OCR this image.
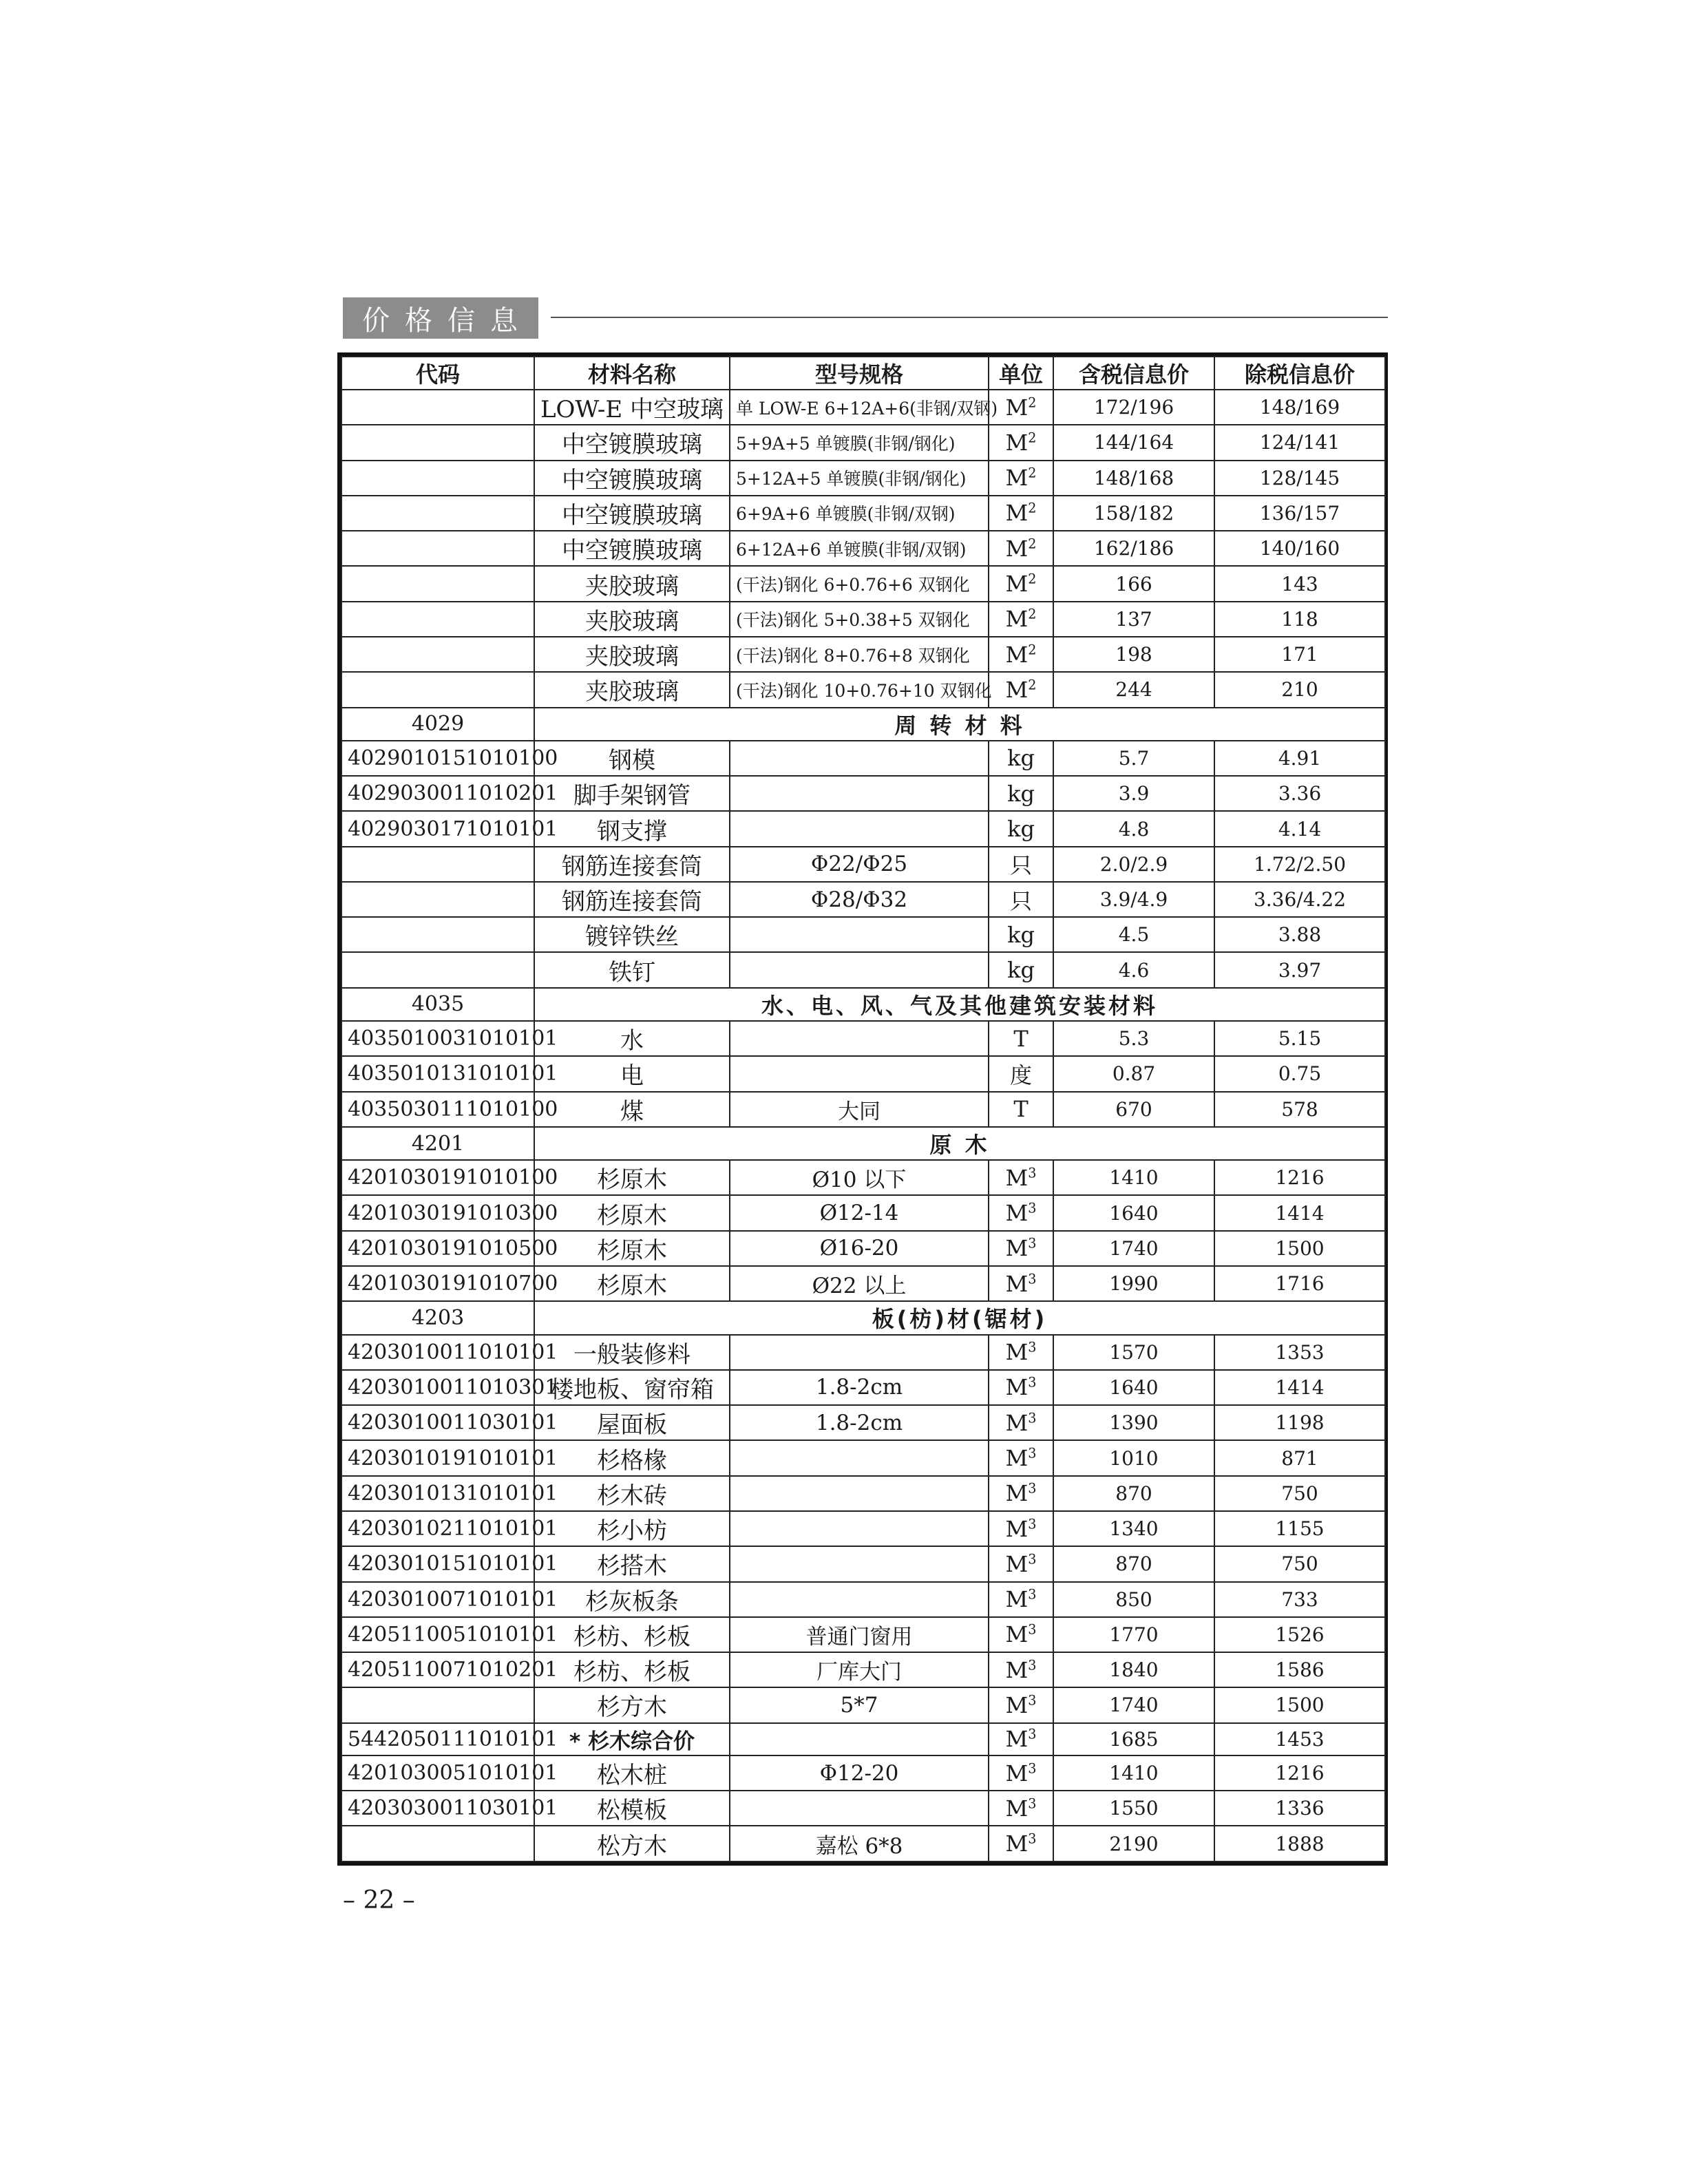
价格信息
代码	材料名称	型号规格	单位	含税信息价	除税信息价
	LOW-E 中空玻璃	单 LOW-E 6+12A+6(非钢/双钢)	$M^2$	172/196	148/169
	中空镀膜玻璃	5+9A+5 单镀膜(非钢/钢化)	$M^2$	144/164	124/141
	中空镀膜玻璃	5+12A+5 单镀膜(非钢/钢化)	$M^2$	148/168	128/145
	中空镀膜玻璃	6+9A+6 单镀膜(非钢/双钢)	$M^2$	158/182	136/157
	中空镀膜玻璃	6+12A+6 单镀膜(非钢/双钢)	$M^2$	162/186	140/160
	夹胶玻璃	(干法)钢化 6+0.76+6 双钢化	$M^2$	166	143
	夹胶玻璃	(干法)钢化 5+0.38+5 双钢化	$M^2$	137	118
	夹胶玻璃	(干法)钢化 8+0.76+8 双钢化	$M^2$	198	171
	夹胶玻璃	(干法)钢化 10+0.76+10 双钢化	$M^2$	244	210
4029	周 转 材 料				
4029010151010100	钢模		kg	5.7	4.91
4029030011010201	脚手架钢管		kg	3.9	3.36
4029030171010101	钢支撑		kg	4.8	4.14
	钢筋连接套筒	Φ22/Φ25	只	2.0/2.9	1.72/2.50
	钢筋连接套筒	Φ28/Φ32	只	3.9/4.9	3.36/4.22
	镀锌铁丝		kg	4.5	3.88
	铁钉		kg	4.6	3.97
4035	水、电、风、气及其他建筑安装材料				
4035010031010101	水		T	5.3	5.15
4035010131010101	电		度	0.87	0.75
4035030111010100	煤	大同	T	670	578
4201	原 木				
4201030191010100	杉原木	Ø10 以下	$M^3$	1410	1216
4201030191010300	杉原木	Ø12-14	$M^3$	1640	1414
4201030191010500	杉原木	Ø16-20	$M^3$	1740	1500
4201030191010700	杉原木	Ø22 以上	$M^3$	1990	1716
4203	板(枋)材(锯材)				
4203010011010101	一般装修料		$M^3$	1570	1353
4203010011010301	楼地板、窗帘箱	1.8-2cm	$M^3$	1640	1414
4203010011030101	屋面板	1.8-2cm	$M^3$	1390	1198
4203010191010101	杉格椽		$M^3$	1010	871
4203010131010101	杉木砖		$M^3$	870	750
4203010211010101	杉小枋		$M^3$	1340	1155
4203010151010101	杉搭木		$M^3$	870	750
4203010071010101	杉灰板条		$M^3$	850	733
4205110051010101	杉枋、杉板	普通门窗用	$M^3$	1770	1526
4205110071010201	杉枋、杉板	厂库大门	$M^3$	1840	1586
	杉方木	5*7	$M^3$	1740	1500
5442050111010101	* 杉木综合价		$M^3$	1685	1453
4201030051010101	松木桩	Φ12-20	$M^3$	1410	1216
4203030011030101	松模板		$M^3$	1550	1336
	松方木	嘉松 6*8	$M^3$	2190	1888
– 22 –
